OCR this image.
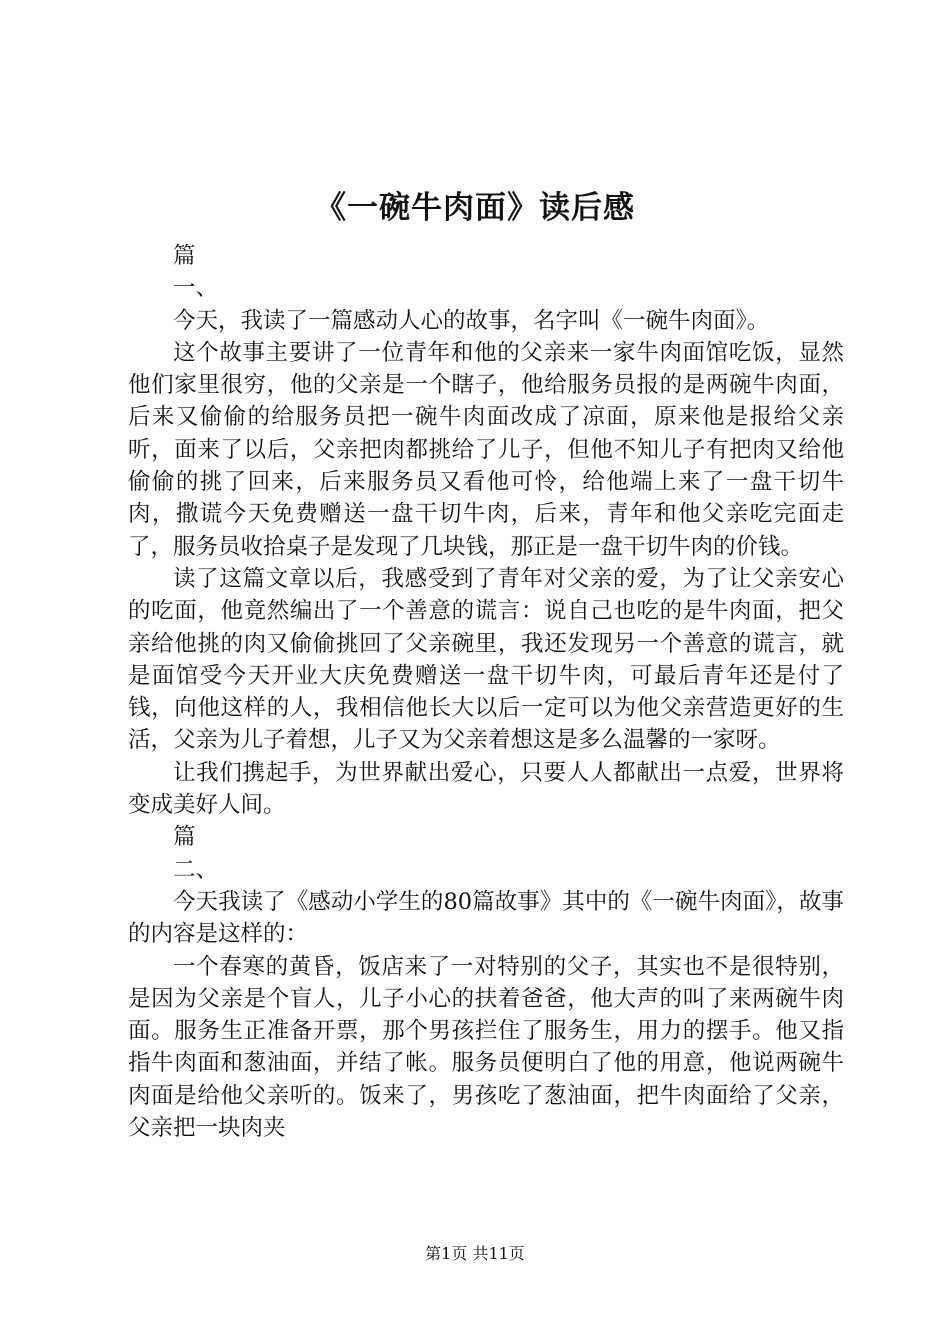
《一碗牛肉面》读后感

篇

一、

今天，我读了一篇感动人心的故事，名字叫《一碗牛肉面》。

这个故事主要讲了一位青年和他的父亲来一家牛肉面馆吃饭，显然他们家里很穷，他的父亲是一个瞎子，他给服务员报的是两碗牛肉面，后来又偷偷的给服务员把一碗牛肉面改成了凉面，原来他是报给父亲听，面来了以后，父亲把肉都挑给了儿子，但他不知儿子有把肉又给他偷偷的挑了回来，后来服务员又看他可怜，给他端上来了一盘干切牛肉，撒谎今天免费赠送一盘干切牛肉，后来，青年和他父亲吃完面走了，服务员收拾桌子是发现了几块钱，那正是一盘干切牛肉的价钱。

读了这篇文章以后，我感受到了青年对父亲的爱，为了让父亲安心的吃面，他竟然编出了一个善意的谎言：说自己也吃的是牛肉面，把父亲给他挑的肉又偷偷挑回了父亲碗里，我还发现另一个善意的谎言，就是面馆受今天开业大庆免费赠送一盘干切牛肉，可最后青年还是付了钱，向他这样的人，我相信他长大以后一定可以为他父亲营造更好的生活，父亲为儿子着想，儿子又为父亲着想这是多么温馨的一家呀。

让我们携起手，为世界献出爱心，只要人人都献出一点爱，世界将变成美好人间。

篇

二、

今天我读了《感动小学生的80篇故事》其中的《一碗牛肉面》，故事的内容是这样的：

一个春寒的黄昏，饭店来了一对特别的父子，其实也不是很特别，是因为父亲是个盲人，儿子小心的扶着爸爸，他大声的叫了来两碗牛肉面。服务生正准备开票，那个男孩拦住了服务生，用力的摆手。他又指指牛肉面和葱油面，并结了帐。服务员便明白了他的用意，他说两碗牛肉面是给他父亲听的。饭来了，男孩吃了葱油面，把牛肉面给了父亲，父亲把一块肉夹

第1页 共11页
